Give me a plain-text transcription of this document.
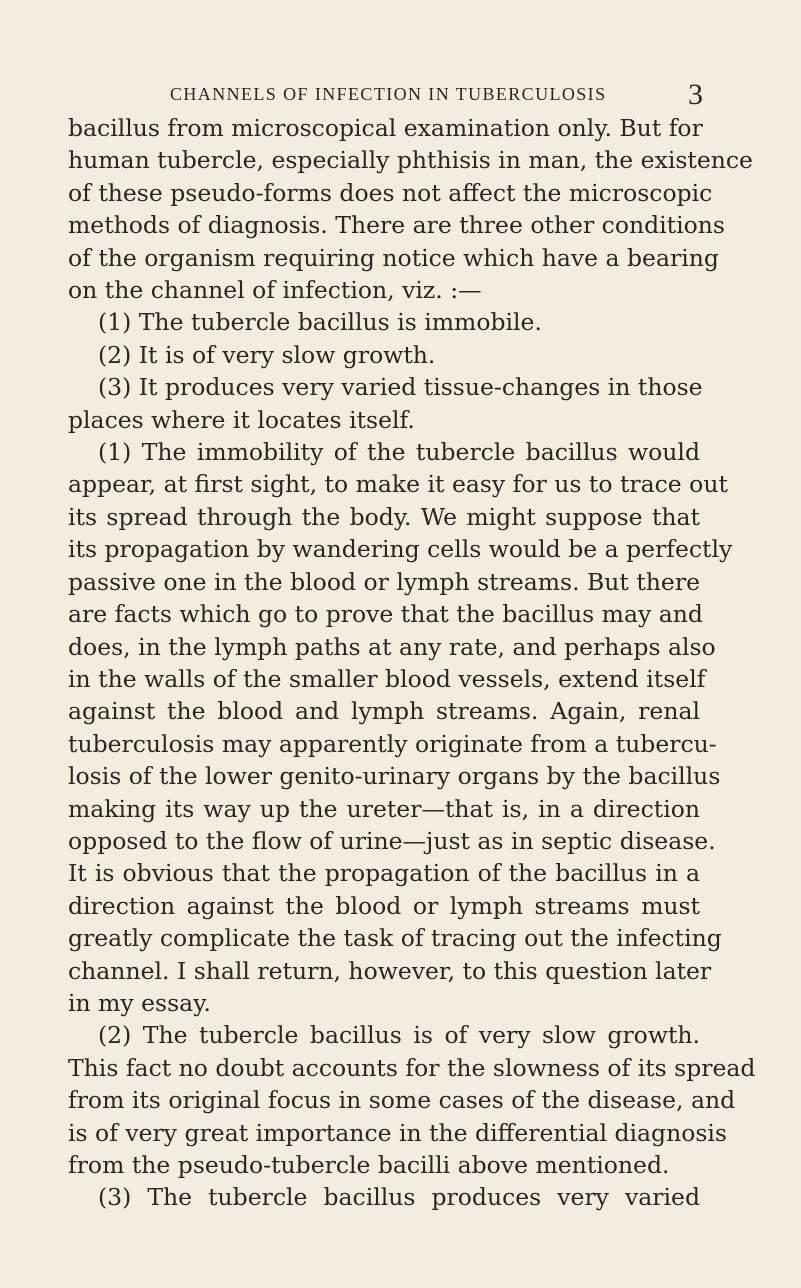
CHANNELS OF INFECTION IN TUBERCULOSIS	3
bacillus from microscopical examination only. But for
human tubercle, especially phthisis in man, the existence
of these pseudo-forms does not affect the microscopic
methods of diagnosis. There are three other conditions
of the organism requiring notice which have a bearing
on the channel of infection, viz. :—
(1) The tubercle bacillus is immobile.
(2) It is of very slow growth.
(3) It produces very varied tissue-changes in those
places where it locates itself.
(1) The immobility of the tubercle bacillus would
appear, at first sight, to make it easy for us to trace out
its spread through the body. We might suppose that
its propagation by wandering cells would be a perfectly
passive one in the blood or lymph streams. But there
are facts which go to prove that the bacillus may and
does, in the lymph paths at any rate, and perhaps also
in the walls of the smaller blood vessels, extend itself
against the blood and lymph streams. Again, renal
tuberculosis may apparently originate from a tubercu-
losis of the lower genito-urinary organs by the bacillus
making its way up the ureter—that is, in a direction
opposed to the flow of urine—just as in septic disease.
It is obvious that the propagation of the bacillus in a
direction against the blood or lymph streams must
greatly complicate the task of tracing out the infecting
channel. I shall return, however, to this question later
in my essay.
(2) The tubercle bacillus is of very slow growth.
This fact no doubt accounts for the slowness of its spread
from its original focus in some cases of the disease, and
is of very great importance in the differential diagnosis
from the pseudo-tubercle bacilli above mentioned.
(3) The tubercle bacillus produces very varied
